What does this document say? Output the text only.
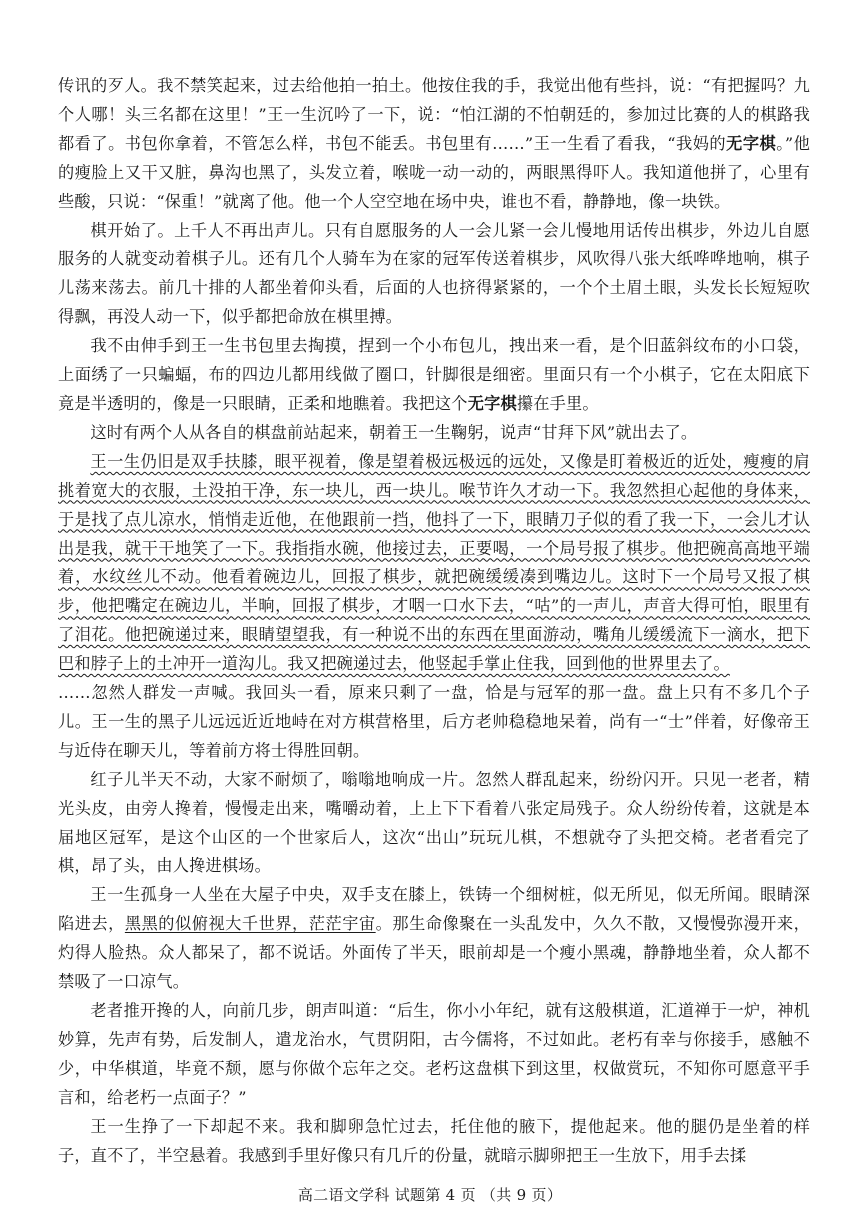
传讯的歹人。我不禁笑起来，过去给他拍一拍土。他按住我的手，我觉出他有些抖，说：“有把握吗？九个人哪！头三名都在这里！”王一生沉吟了一下，说：“怕江湖的不怕朝廷的，参加过比赛的人的棋路我都看了。书包你拿着，不管怎么样，书包不能丢。书包里有……”王一生看了看我，“我妈的无字棋。”他的瘦脸上又干又脏，鼻沟也黑了，头发立着，喉咙一动一动的，两眼黑得吓人。我知道他拼了，心里有些酸，只说：“保重！”就离了他。他一个人空空地在场中央，谁也不看，静静地，像一块铁。

棋开始了。上千人不再出声儿。只有自愿服务的人一会儿紧一会儿慢地用话传出棋步，外边儿自愿服务的人就变动着棋子儿。还有几个人骑车为在家的冠军传送着棋步，风吹得八张大纸哗哗地响，棋子儿荡来荡去。前几十排的人都坐着仰头看，后面的人也挤得紧紧的，一个个土眉土眼，头发长长短短吹得飘，再没人动一下，似乎都把命放在棋里搏。

我不由伸手到王一生书包里去掏摸，捏到一个小布包儿，拽出来一看，是个旧蓝斜纹布的小口袋，上面绣了一只蝙蝠，布的四边儿都用线做了圈口，针脚很是细密。里面只有一个小棋子，它在太阳底下竟是半透明的，像是一只眼睛，正柔和地瞧着。我把这个无字棋攥在手里。

这时有两个人从各自的棋盘前站起来，朝着王一生鞠躬，说声“甘拜下风”就出去了。

王一生仍旧是双手扶膝，眼平视着，像是望着极远极远的远处，又像是盯着极近的近处，瘦瘦的肩挑着宽大的衣服，土没拍干净，东一块儿，西一块儿。喉节许久才动一下。我忽然担心起他的身体来，于是找了点儿凉水，悄悄走近他，在他跟前一挡，他抖了一下，眼睛刀子似的看了我一下，一会儿才认出是我，就干干地笑了一下。我指指水碗，他接过去，正要喝，一个局号报了棋步。他把碗高高地平端着，水纹丝儿不动。他看着碗边儿，回报了棋步，就把碗缓缓凑到嘴边儿。这时下一个局号又报了棋步，他把嘴定在碗边儿，半晌，回报了棋步，才咽一口水下去，“咕”的一声儿，声音大得可怕，眼里有了泪花。他把碗递过来，眼睛望望我，有一种说不出的东西在里面游动，嘴角儿缓缓流下一滴水，把下巴和脖子上的土冲开一道沟儿。我又把碗递过去，他竖起手掌止住我，回到他的世界里去了。

……忽然人群发一声喊。我回头一看，原来只剩了一盘，恰是与冠军的那一盘。盘上只有不多几个子儿。王一生的黑子儿远远近近地峙在对方棋营格里，后方老帅稳稳地呆着，尚有一“士”伴着，好像帝王与近侍在聊天儿，等着前方将士得胜回朝。

红子儿半天不动，大家不耐烦了，嗡嗡地响成一片。忽然人群乱起来，纷纷闪开。只见一老者，精光头皮，由旁人搀着，慢慢走出来，嘴嚼动着，上上下下看着八张定局残子。众人纷纷传着，这就是本届地区冠军，是这个山区的一个世家后人，这次“出山”玩玩儿棋，不想就夺了头把交椅。老者看完了棋，昂了头，由人搀进棋场。

王一生孤身一人坐在大屋子中央，双手支在膝上，铁铸一个细树桩，似无所见，似无所闻。眼睛深陷进去，黑黑的似俯视大千世界，茫茫宇宙。那生命像聚在一头乱发中，久久不散，又慢慢弥漫开来，灼得人脸热。众人都呆了，都不说话。外面传了半天，眼前却是一个瘦小黑魂，静静地坐着，众人都不禁吸了一口凉气。

老者推开搀的人，向前几步，朗声叫道：“后生，你小小年纪，就有这般棋道，汇道禅于一炉，神机妙算，先声有势，后发制人，遣龙治水，气贯阴阳，古今儒将，不过如此。老朽有幸与你接手，感触不少，中华棋道，毕竟不颓，愿与你做个忘年之交。老朽这盘棋下到这里，权做赏玩，不知你可愿意平手言和，给老朽一点面子？”

王一生挣了一下却起不来。我和脚卵急忙过去，托住他的腋下，提他起来。他的腿仍是坐着的样子，直不了，半空悬着。我感到手里好像只有几斤的份量，就暗示脚卵把王一生放下，用手去揉

高二语文学科 试题第 4 页 （共 9 页）
